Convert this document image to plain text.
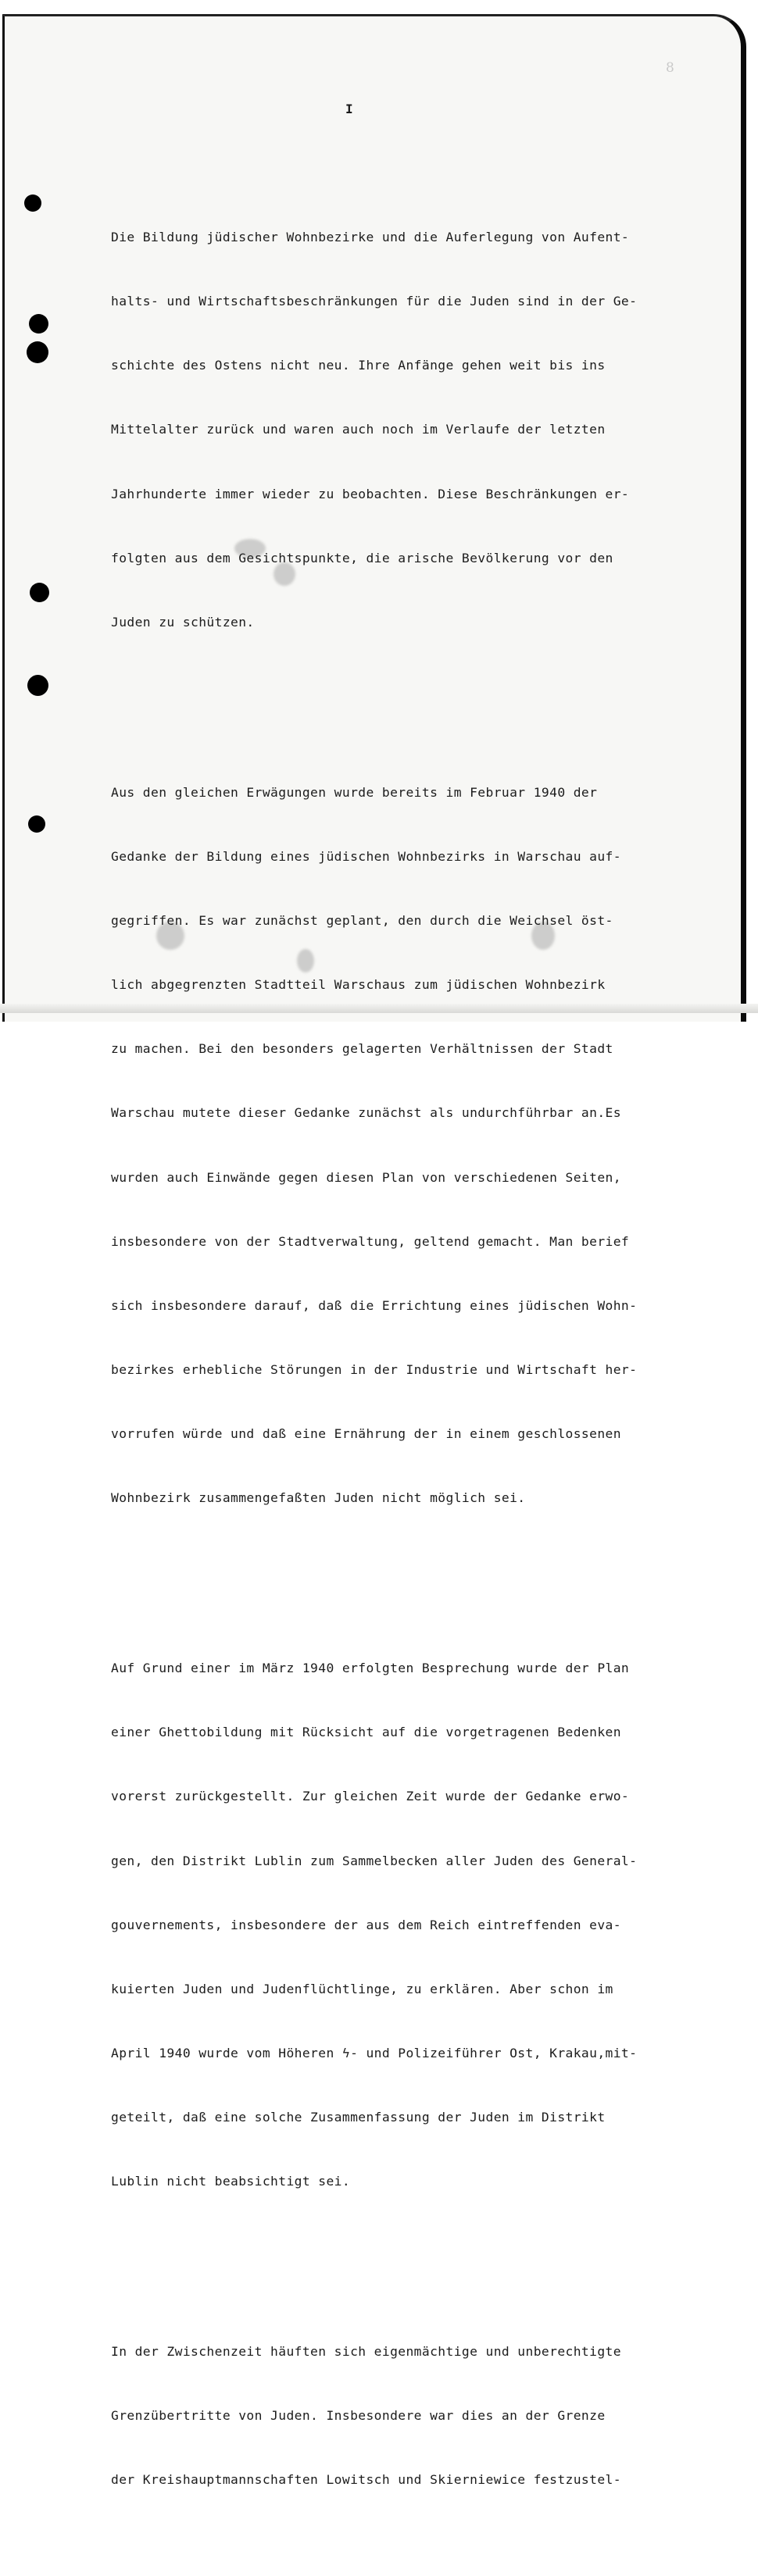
8
I

Die Bildung jüdischer Wohnbezirke und die Auferlegung von Aufent-

halts- und Wirtschaftsbeschränkungen für die Juden sind in der Ge-

schichte des Ostens nicht neu. Ihre Anfänge gehen weit bis ins

Mittelalter zurück und waren auch noch im Verlaufe der letzten

Jahrhunderte immer wieder zu beobachten. Diese Beschränkungen er-

folgten aus dem Gesichtspunkte, die arische Bevölkerung vor den

Juden zu schützen.

Aus den gleichen Erwägungen wurde bereits im Februar 1940 der

Gedanke der Bildung eines jüdischen Wohnbezirks in Warschau auf-

gegriffen. Es war zunächst geplant, den durch die Weichsel öst-

lich abgegrenzten Stadtteil Warschaus zum jüdischen Wohnbezirk

zu machen. Bei den besonders gelagerten Verhältnissen der Stadt

Warschau mutete dieser Gedanke zunächst als undurchführbar an.Es

wurden auch Einwände gegen diesen Plan von verschiedenen Seiten,

insbesondere von der Stadtverwaltung, geltend gemacht. Man berief

sich insbesondere darauf, daß die Errichtung eines jüdischen Wohn-

bezirkes erhebliche Störungen in der Industrie und Wirtschaft her-

vorrufen würde und daß eine Ernährung der in einem geschlossenen

Wohnbezirk zusammengefaßten Juden nicht möglich sei.

Auf Grund einer im März 1940 erfolgten Besprechung wurde der Plan

einer Ghettobildung mit Rücksicht auf die vorgetragenen Bedenken

vorerst zurückgestellt. Zur gleichen Zeit wurde der Gedanke erwo-

gen, den Distrikt Lublin zum Sammelbecken aller Juden des General-

gouvernements, insbesondere der aus dem Reich eintreffenden eva-

kuierten Juden und Judenflüchtlinge, zu erklären. Aber schon im

April 1940 wurde vom Höheren ϟ- und Polizeiführer Ost, Krakau,mit-

geteilt, daß eine solche Zusammenfassung der Juden im Distrikt

Lublin nicht beabsichtigt sei.

In der Zwischenzeit häuften sich eigenmächtige und unberechtigte

Grenzübertritte von Juden. Insbesondere war dies an der Grenze

der Kreishauptmannschaften Lowitsch und Skierniewice festzustel-
